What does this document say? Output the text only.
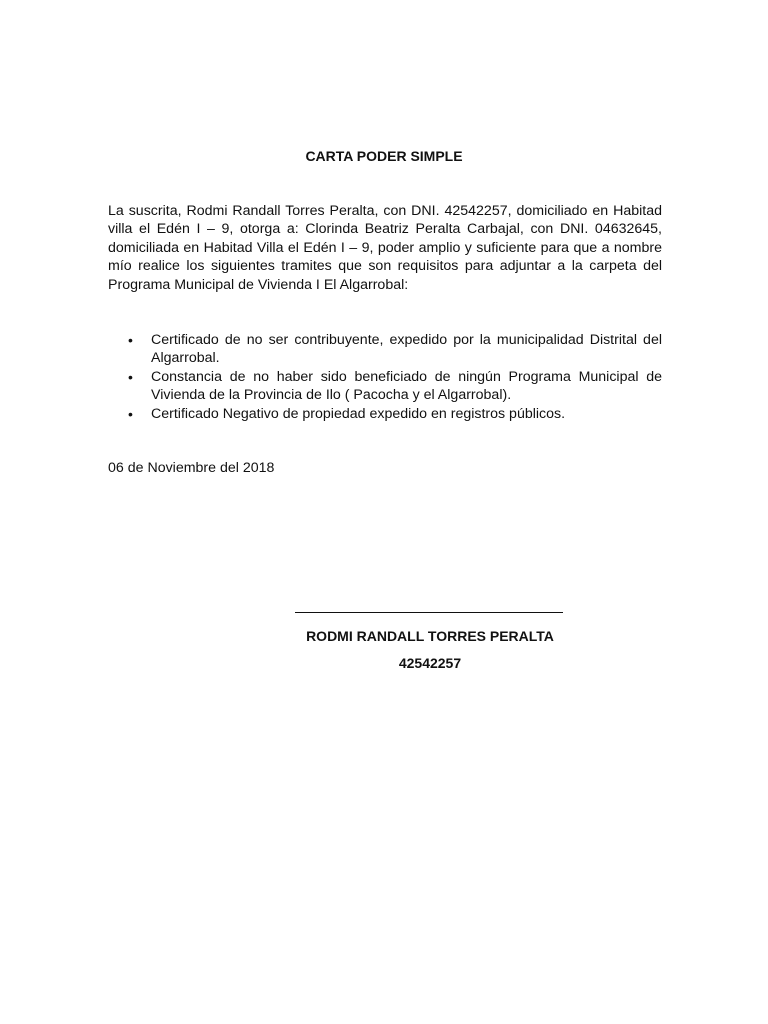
CARTA PODER SIMPLE

La suscrita, Rodmi Randall Torres Peralta, con DNI. 42542257, domiciliado en Habitad villa el Edén I – 9, otorga a: Clorinda Beatriz Peralta Carbajal, con DNI. 04632645, domiciliada en Habitad Villa el Edén I – 9, poder amplio y suficiente para que a nombre mío realice los siguientes tramites que son requisitos para adjuntar a la carpeta del Programa Municipal de Vivienda I El Algarrobal:

• Certificado de no ser contribuyente, expedido por la municipalidad Distrital del Algarrobal.
• Constancia de no haber sido beneficiado de ningún Programa Municipal de Vivienda de la Provincia de Ilo ( Pacocha y el Algarrobal).
• Certificado Negativo de propiedad expedido en registros públicos.
06 de Noviembre del 2018
RODMI RANDALL TORRES PERALTA
42542257
